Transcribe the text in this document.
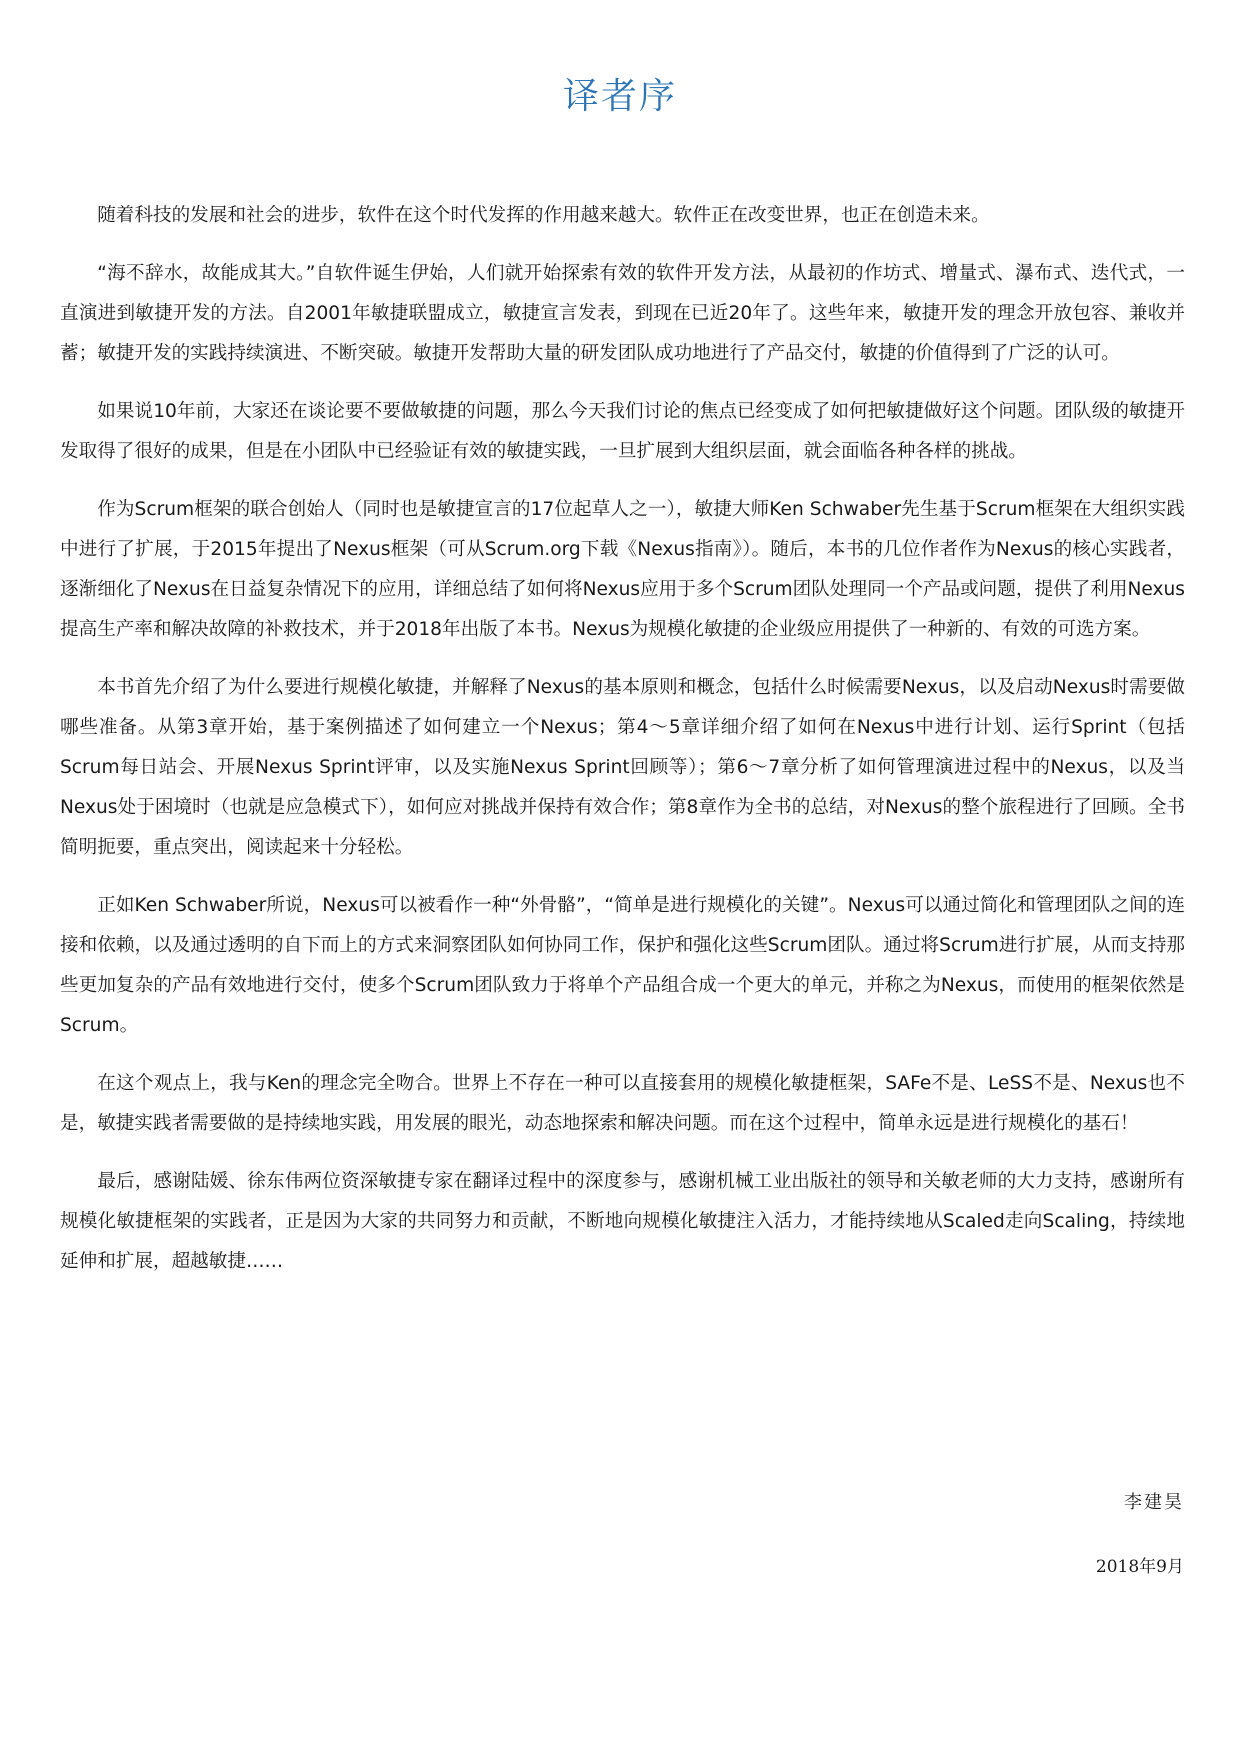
译者序

随着科技的发展和社会的进步，软件在这个时代发挥的作用越来越大。软件正在改变世界，也正在创造未来。

“海不辞水，故能成其大。”自软件诞生伊始，人们就开始探索有效的软件开发方法，从最初的作坊式、增量式、瀑布式、迭代式，一直演进到敏捷开发的方法。自2001年敏捷联盟成立，敏捷宣言发表，到现在已近20年了。这些年来，敏捷开发的理念开放包容、兼收并蓄；敏捷开发的实践持续演进、不断突破。敏捷开发帮助大量的研发团队成功地进行了产品交付，敏捷的价值得到了广泛的认可。

如果说10年前，大家还在谈论要不要做敏捷的问题，那么今天我们讨论的焦点已经变成了如何把敏捷做好这个问题。团队级的敏捷开发取得了很好的成果，但是在小团队中已经验证有效的敏捷实践，一旦扩展到大组织层面，就会面临各种各样的挑战。

作为Scrum框架的联合创始人（同时也是敏捷宣言的17位起草人之一），敏捷大师Ken Schwaber先生基于Scrum框架在大组织实践中进行了扩展，于2015年提出了Nexus框架（可从Scrum.org下载《Nexus指南》）。随后，本书的几位作者作为Nexus的核心实践者，逐渐细化了Nexus在日益复杂情况下的应用，详细总结了如何将Nexus应用于多个Scrum团队处理同一个产品或问题，提供了利用Nexus提高生产率和解决故障的补救技术，并于2018年出版了本书。Nexus为规模化敏捷的企业级应用提供了一种新的、有效的可选方案。

本书首先介绍了为什么要进行规模化敏捷，并解释了Nexus的基本原则和概念，包括什么时候需要Nexus，以及启动Nexus时需要做哪些准备。从第3章开始，基于案例描述了如何建立一个Nexus；第4～5章详细介绍了如何在Nexus中进行计划、运行Sprint（包括Scrum每日站会、开展Nexus Sprint评审，以及实施Nexus Sprint回顾等）；第6～7章分析了如何管理演进过程中的Nexus，以及当Nexus处于困境时（也就是应急模式下），如何应对挑战并保持有效合作；第8章作为全书的总结，对Nexus的整个旅程进行了回顾。全书简明扼要，重点突出，阅读起来十分轻松。

正如Ken Schwaber所说，Nexus可以被看作一种“外骨骼”，“简单是进行规模化的关键”。Nexus可以通过简化和管理团队之间的连接和依赖，以及通过透明的自下而上的方式来洞察团队如何协同工作，保护和强化这些Scrum团队。通过将Scrum进行扩展，从而支持那些更加复杂的产品有效地进行交付，使多个Scrum团队致力于将单个产品组合成一个更大的单元，并称之为Nexus，而使用的框架依然是Scrum。

在这个观点上，我与Ken的理念完全吻合。世界上不存在一种可以直接套用的规模化敏捷框架，SAFe不是、LeSS不是、Nexus也不是，敏捷实践者需要做的是持续地实践，用发展的眼光，动态地探索和解决问题。而在这个过程中，简单永远是进行规模化的基石！

最后，感谢陆媛、徐东伟两位资深敏捷专家在翻译过程中的深度参与，感谢机械工业出版社的领导和关敏老师的大力支持，感谢所有规模化敏捷框架的实践者，正是因为大家的共同努力和贡献，不断地向规模化敏捷注入活力，才能持续地从Scaled走向Scaling，持续地延伸和扩展，超越敏捷……

李建昊

2018年9月
